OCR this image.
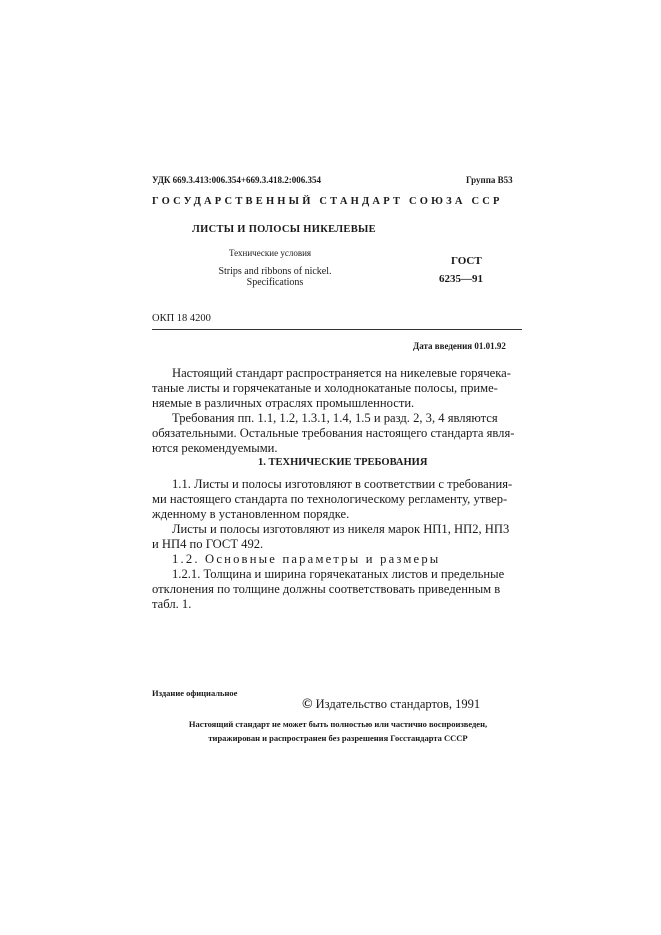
УДК 669.3.413:006.354+669.3.418.2:006.354	Группа В53
ГОСУДАРСТВЕННЫЙ СТАНДАРТ СОЮЗА ССР
ЛИСТЫ И ПОЛОСЫ НИКЕЛЕВЫЕ
Технические условия
Strips and ribbons of nickel.
Specifications
ГОСТ
6235—91
ОКП 18 4200
Дата введения 01.01.92
Настоящий стандарт распространяется на никелевые горячека-
таные листы и горячекатаные и холоднокатаные полосы, приме-
няемые в различных отраслях промышленности.
Требования пп. 1.1, 1.2, 1.3.1, 1.4, 1.5 и разд. 2, 3, 4 являются
обязательными. Остальные требования настоящего стандарта явля-
ются рекомендуемыми.
1. ТЕХНИЧЕСКИЕ ТРЕБОВАНИЯ
1.1. Листы и полосы изготовляют в соответствии с требования-
ми настоящего стандарта по технологическому регламенту, утвер-
жденному в установленном порядке.
Листы и полосы изготовляют из никеля марок НП1, НП2, НП3
и НП4 по ГОСТ 492.
1.2. Основные параметры и размеры
1.2.1. Толщина и ширина горячекатаных листов и предельные
отклонения по толщине должны соответствовать приведенным в
табл. 1.
Издание официальное
© Издательство стандартов, 1991
Настоящий стандарт не может быть полностью или частично воспроизведен,
тиражирован и распространен без разрешения Госстандарта СССР
